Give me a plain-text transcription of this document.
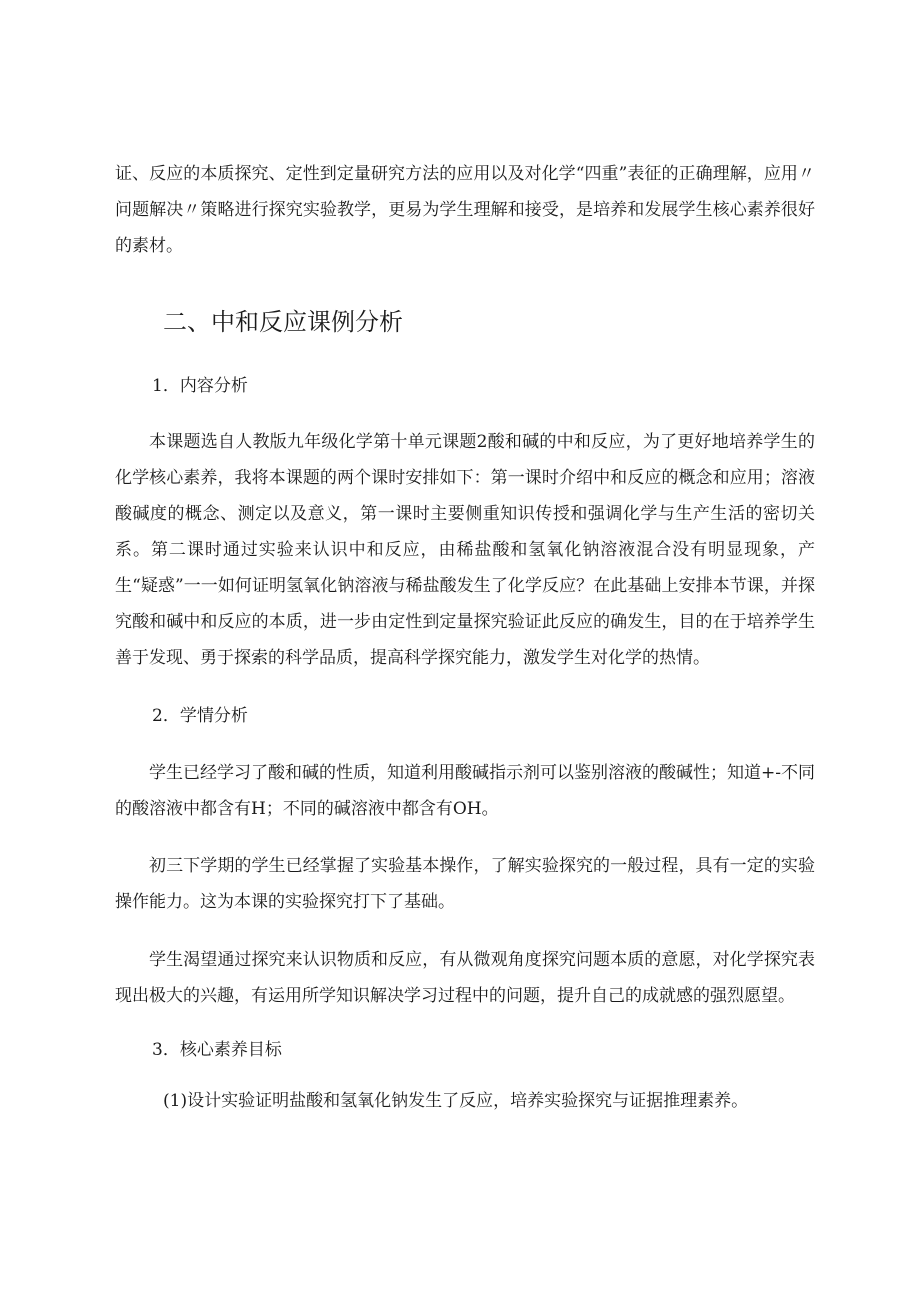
证、反应的本质探究、定性到定量研究方法的应用以及对化学“四重”表征的正确理解，应用〃问题解决〃策略进行探究实验教学，更易为学生理解和接受，是培养和发展学生核心素养很好的素材。

二、中和反应课例分析
1．内容分析

本课题选自人教版九年级化学第十单元课题2酸和碱的中和反应，为了更好地培养学生的化学核心素养，我将本课题的两个课时安排如下：第一课时介绍中和反应的概念和应用；溶液酸碱度的概念、测定以及意义，第一课时主要侧重知识传授和强调化学与生产生活的密切关系。第二课时通过实验来认识中和反应，由稀盐酸和氢氧化钠溶液混合没有明显现象，产生“疑惑”一一如何证明氢氧化钠溶液与稀盐酸发生了化学反应？在此基础上安排本节课，并探究酸和碱中和反应的本质，进一步由定性到定量探究验证此反应的确发生，目的在于培养学生善于发现、勇于探索的科学品质，提高科学探究能力，激发学生对化学的热情。

2．学情分析

学生已经学习了酸和碱的性质，知道利用酸碱指示剂可以鉴别溶液的酸碱性；知道+-不同的酸溶液中都含有H；不同的碱溶液中都含有OH。

初三下学期的学生已经掌握了实验基本操作，了解实验探究的一般过程，具有一定的实验操作能力。这为本课的实验探究打下了基础。

学生渴望通过探究来认识物质和反应，有从微观角度探究问题本质的意愿，对化学探究表现出极大的兴趣，有运用所学知识解决学习过程中的问题，提升自己的成就感的强烈愿望。

3．核心素养目标

(1)设计实验证明盐酸和氢氧化钠发生了反应，培养实验探究与证据推理素养。
